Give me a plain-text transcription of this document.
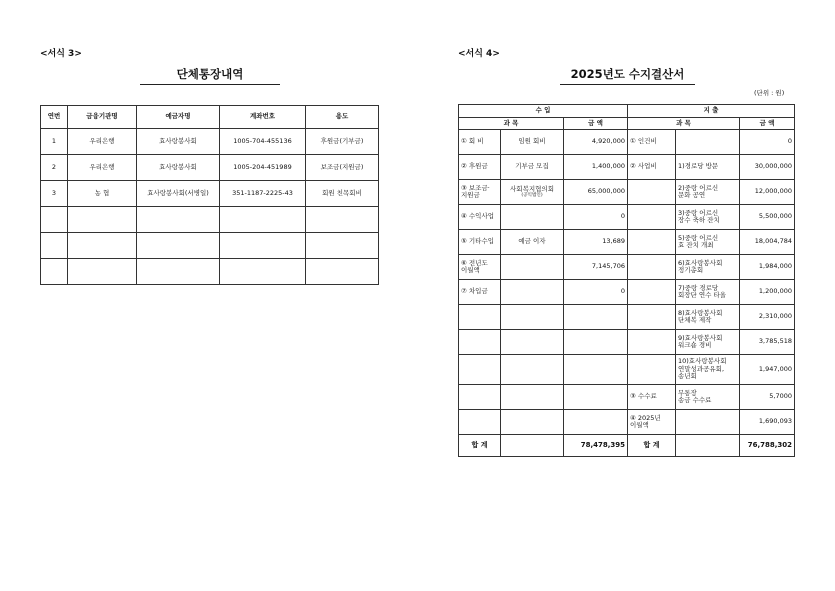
<서식 3>
단체통장내역
연번	금융기관명	예금자명	계좌번호	용도
1	우리은행	효사랑봉사회	1005-704-455136	후원금(기부금)
2	우리은행	효사랑봉사회	1005-204-451989	보조금(지원금)
3	농 협	효사랑봉사회(서병일)	351-1187-2225-43	회원 친목회비

<서식 4>
2025년도 수지결산서
(단위 : 원)
수 입			지 출		
과 목		금 액	과 목		금 액
① 회 비	임원 회비	4,920,000	① 인건비		0
② 후원금	기부금 모집	1,400,000	② 사업비	1)경로당 방문	30,000,000
③ 보조금·
지원금	사회복지협의회
(공익법인)	65,000,000		2)중랑 어르신
문화 공연	12,000,000
④ 수익사업		0		3)중랑 어르신
장수 축하 잔치	5,500,000
⑤ 기타수입	예금 이자	13,689		5)중랑 어르신
효 잔치 개최	18,004,784
⑥ 전년도
이월액		7,145,706		6)효사랑봉사회
정기총회	1,984,000
⑦ 차입금		0		7)중랑 경로당
회장단 연수 타올	1,200,000
				8)효사랑봉사회
단체복 제작	2,310,000
				9)효사랑봉사회
워크숍 경비	3,785,518
				10)효사랑봉사회
연말성과공유회,
송년회	1,947,000
			③ 수수료	무통장
송금 수수료	5,7000
			④ 2025년
이월액		1,690,093
합 계		78,478,395	합 계		76,788,302
